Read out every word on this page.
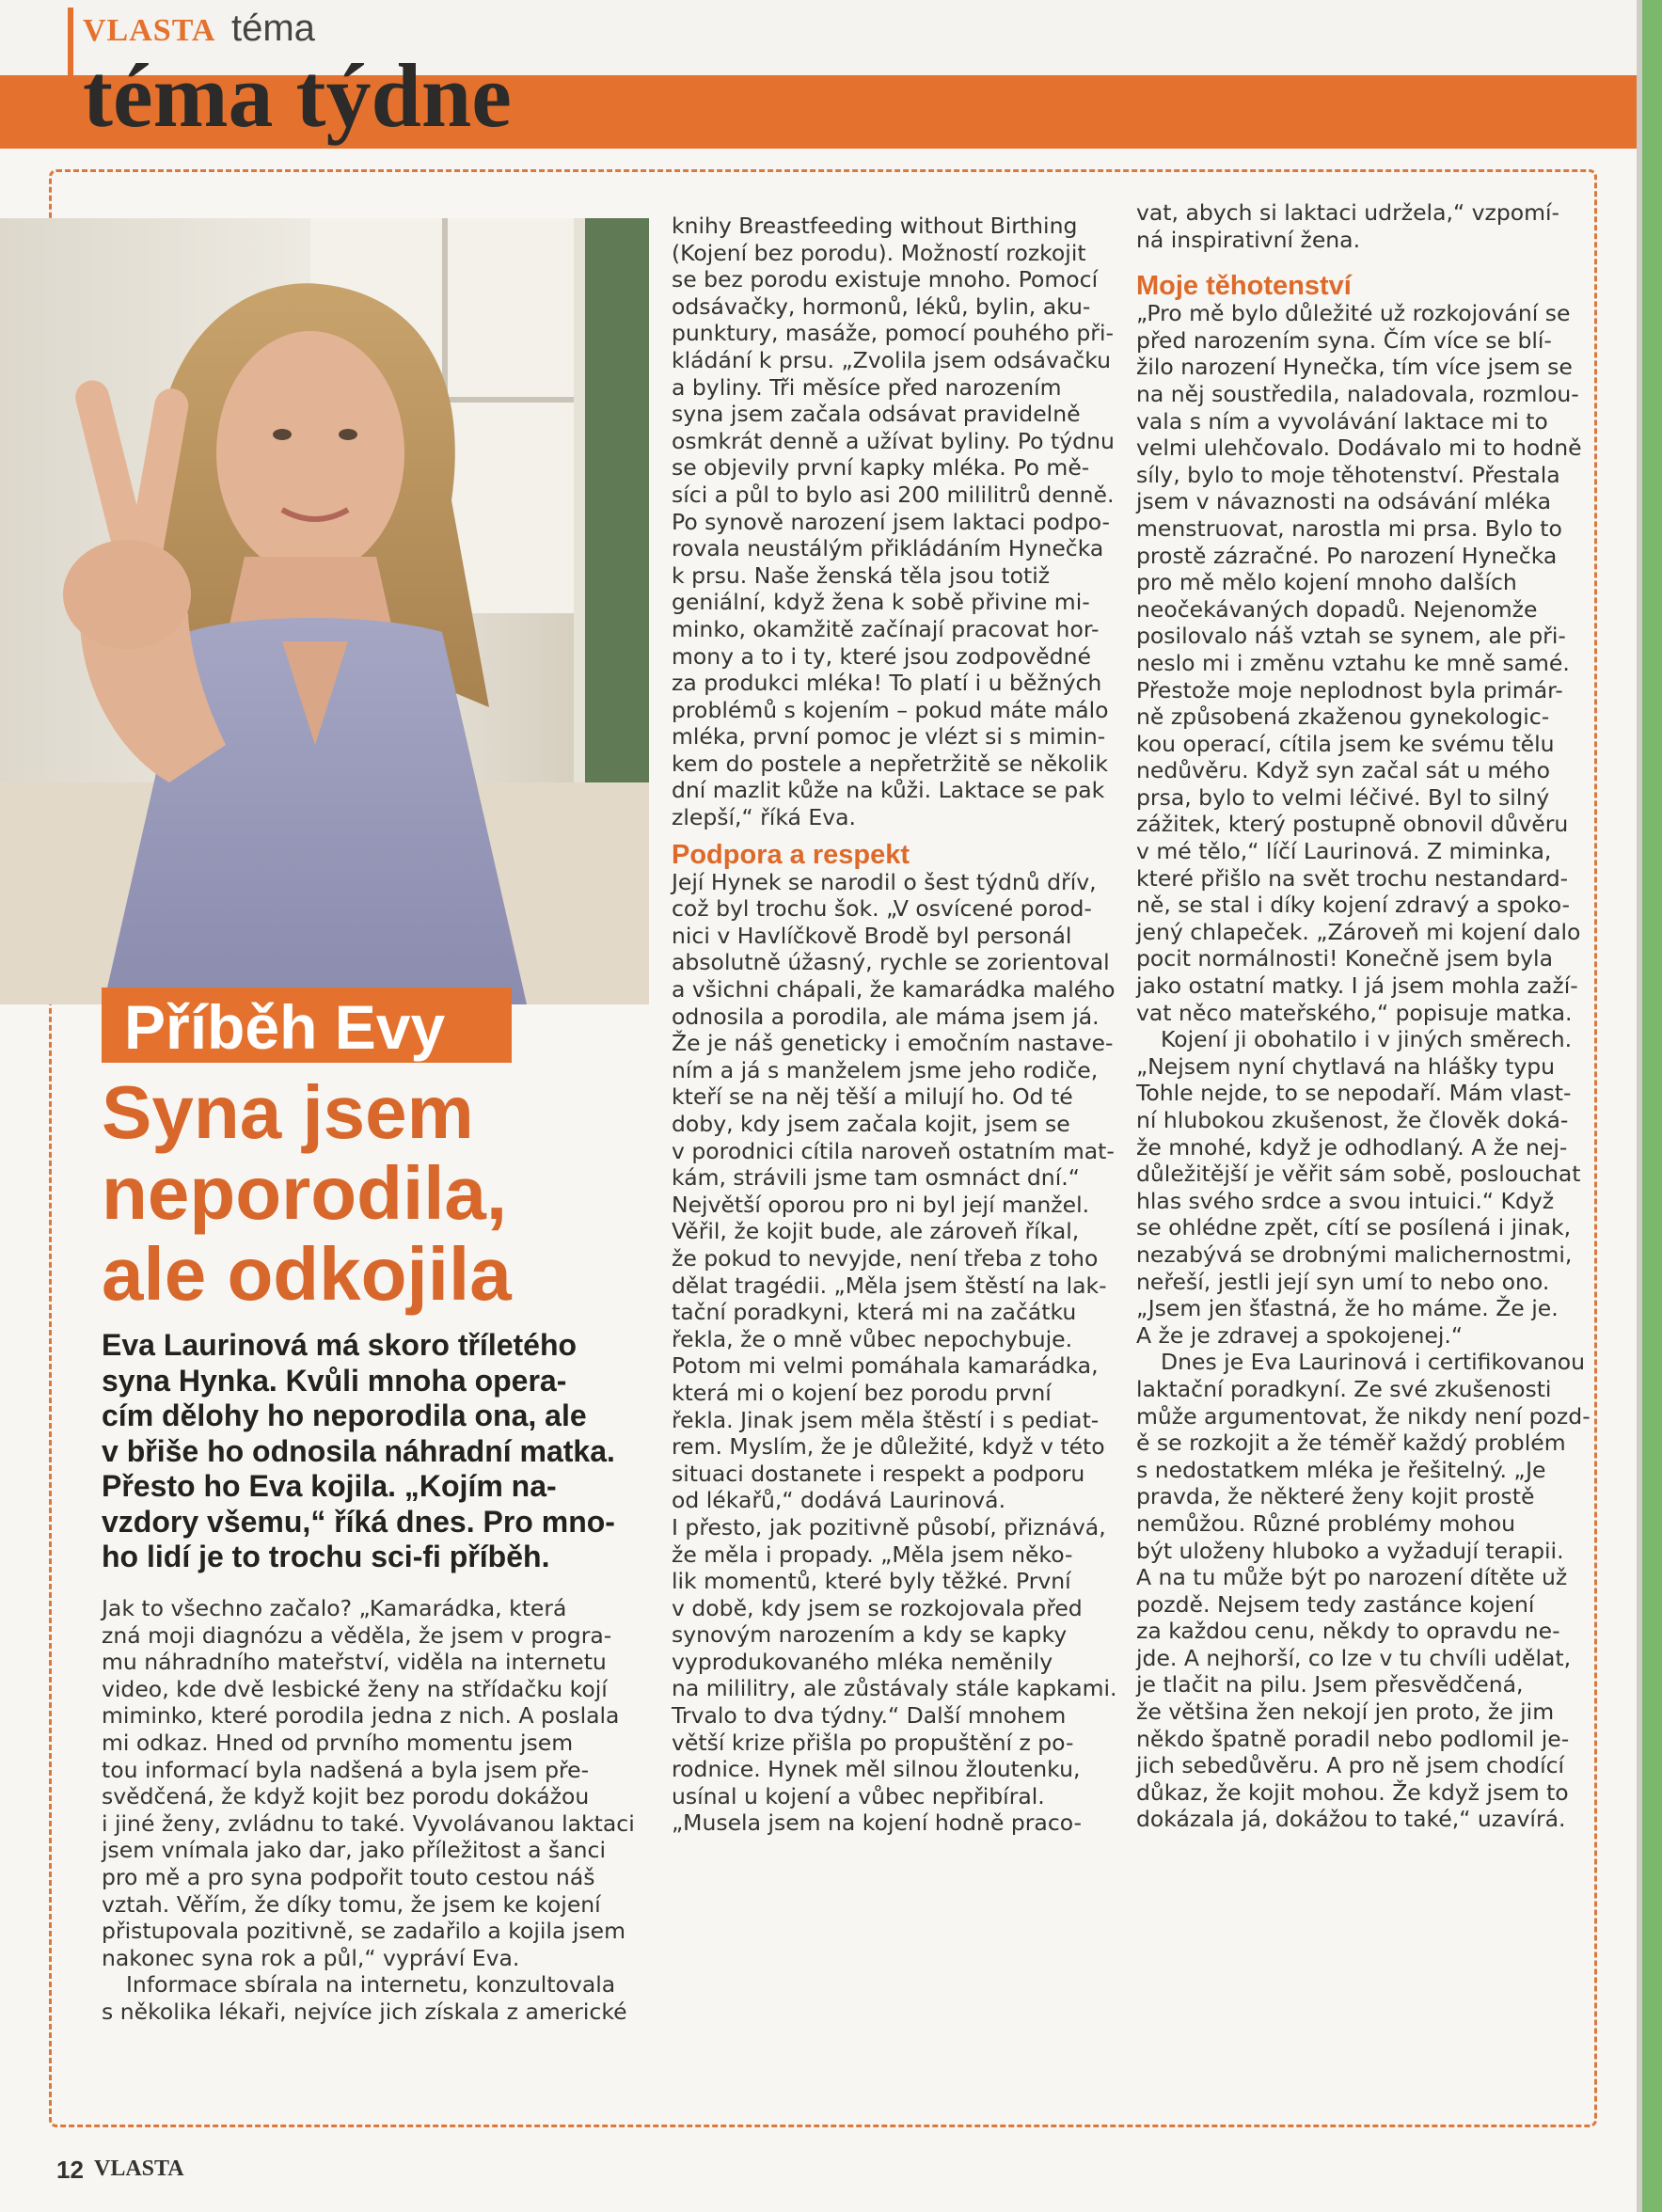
VLASTA téma
téma týdne
Příběh Evy
Syna jsem
neporodila,
ale odkojila
Eva Laurinová má skoro tříletého
syna Hynka. Kvůli mnoha opera-
cím dělohy ho neporodila ona, ale
v břiše ho odnosila náhradní matka.
Přesto ho Eva kojila. „Kojím na-
vzdory všemu,“ říká dnes. Pro mno-
ho lidí je to trochu sci-fi příběh.
Jak to všechno začalo? „Kamarádka, která
zná moji diagnózu a věděla, že jsem v progra-
mu náhradního mateřství, viděla na internetu
video, kde dvě lesbické ženy na střídačku kojí
miminko, které porodila jedna z nich. A poslala
mi odkaz. Hned od prvního momentu jsem
tou informací byla nadšená a byla jsem pře-
svědčená, že když kojit bez porodu dokážou
i jiné ženy, zvládnu to také. Vyvolávanou laktaci
jsem vnímala jako dar, jako příležitost a šanci
pro mě a pro syna podpořit touto cestou náš
vztah. Věřím, že díky tomu, že jsem ke kojení
přistupovala pozitivně, se zadařilo a kojila jsem
nakonec syna rok a půl,“ vypráví Eva.
Informace sbírala na internetu, konzultovala
s několika lékaři, nejvíce jich získala z americké
knihy Breastfeeding without Birthing
(Kojení bez porodu). Možností rozkojit
se bez porodu existuje mnoho. Pomocí
odsávačky, hormonů, léků, bylin, aku-
punktury, masáže, pomocí pouhého při-
kládání k prsu. „Zvolila jsem odsávačku
a byliny. Tři měsíce před narozením
syna jsem začala odsávat pravidelně
osmkrát denně a užívat byliny. Po týdnu
se objevily první kapky mléka. Po mě-
síci a půl to bylo asi 200 mililitrů denně.
Po synově narození jsem laktaci podpo-
rovala neustálým přikládáním Hynečka
k prsu. Naše ženská těla jsou totiž
geniální, když žena k sobě přivine mi-
minko, okamžitě začínají pracovat hor-
mony a to i ty, které jsou zodpovědné
za produkci mléka! To platí i u běžných
problémů s kojením – pokud máte málo
mléka, první pomoc je vlézt si s mimin-
kem do postele a nepřetržitě se několik
dní mazlit kůže na kůži. Laktace se pak
zlepší,“ říká Eva.
Podpora a respekt
Její Hynek se narodil o šest týdnů dřív,
což byl trochu šok. „V osvícené porod-
nici v Havlíčkově Brodě byl personál
absolutně úžasný, rychle se zorientoval
a všichni chápali, že kamarádka malého
odnosila a porodila, ale máma jsem já.
Že je náš geneticky i emočním nastave-
ním a já s manželem jsme jeho rodiče,
kteří se na něj těší a milují ho. Od té
doby, kdy jsem začala kojit, jsem se
v porodnici cítila naroveň ostatním mat-
kám, strávili jsme tam osmnáct dní.“
Největší oporou pro ni byl její manžel.
Věřil, že kojit bude, ale zároveň říkal,
že pokud to nevyjde, není třeba z toho
dělat tragédii. „Měla jsem štěstí na lak-
tační poradkyni, která mi na začátku
řekla, že o mně vůbec nepochybuje.
Potom mi velmi pomáhala kamarádka,
která mi o kojení bez porodu první
řekla. Jinak jsem měla štěstí i s pediat-
rem. Myslím, že je důležité, když v této
situaci dostanete i respekt a podporu
od lékařů,“ dodává Laurinová.
I přesto, jak pozitivně působí, přiznává,
že měla i propady. „Měla jsem něko-
lik momentů, které byly těžké. První
v době, kdy jsem se rozkojovala před
synovým narozením a kdy se kapky
vyprodukovaného mléka neměnily
na mililitry, ale zůstávaly stále kapkami.
Trvalo to dva týdny.“ Další mnohem
větší krize přišla po propuštění z po-
rodnice. Hynek měl silnou žloutenku,
usínal u kojení a vůbec nepřibíral.
„Musela jsem na kojení hodně praco-
vat, abych si laktaci udržela,“ vzpomí-
ná inspirativní žena.
Moje těhotenství
„Pro mě bylo důležité už rozkojování se
před narozením syna. Čím více se blí-
žilo narození Hynečka, tím více jsem se
na něj soustředila, naladovala, rozmlou-
vala s ním a vyvolávání laktace mi to
velmi ulehčovalo. Dodávalo mi to hodně
síly, bylo to moje těhotenství. Přestala
jsem v návaznosti na odsávání mléka
menstruovat, narostla mi prsa. Bylo to
prostě zázračné. Po narození Hynečka
pro mě mělo kojení mnoho dalších
neočekávaných dopadů. Nejenomže
posilovalo náš vztah se synem, ale při-
neslo mi i změnu vztahu ke mně samé.
Přestože moje neplodnost byla primár-
ně způsobená zkaženou gynekologic-
kou operací, cítila jsem ke svému tělu
nedůvěru. Když syn začal sát u mého
prsa, bylo to velmi léčivé. Byl to silný
zážitek, který postupně obnovil důvěru
v mé tělo,“ líčí Laurinová. Z miminka,
které přišlo na svět trochu nestandard-
ně, se stal i díky kojení zdravý a spoko-
jený chlapeček. „Zároveň mi kojení dalo
pocit normálnosti! Konečně jsem byla
jako ostatní matky. I já jsem mohla zaží-
vat něco mateřského,“ popisuje matka.
Kojení ji obohatilo i v jiných směrech.
„Nejsem nyní chytlavá na hlášky typu
Tohle nejde, to se nepodaří. Mám vlast-
ní hlubokou zkušenost, že člověk doká-
že mnohé, když je odhodlaný. A že nej-
důležitější je věřit sám sobě, poslouchat
hlas svého srdce a svou intuici.“ Když
se ohlédne zpět, cítí se posílená i jinak,
nezabývá se drobnými malichernostmi,
neřeší, jestli její syn umí to nebo ono.
„Jsem jen šťastná, že ho máme. Že je.
A že je zdravej a spokojenej.“
Dnes je Eva Laurinová i certifikovanou
laktační poradkyní. Ze své zkušenosti
může argumentovat, že nikdy není pozd-
ě se rozkojit a že téměř každý problém
s nedostatkem mléka je řešitelný. „Je
pravda, že některé ženy kojit prostě
nemůžou. Různé problémy mohou
být uloženy hluboko a vyžadují terapii.
A na tu může být po narození dítěte už
pozdě. Nejsem tedy zastánce kojení
za každou cenu, někdy to opravdu ne-
jde. A nejhorší, co lze v tu chvíli udělat,
je tlačit na pilu. Jsem přesvědčená,
že většina žen nekojí jen proto, že jim
někdo špatně poradil nebo podlomil je-
jich sebedůvěru. A pro ně jsem chodící
důkaz, že kojit mohou. Že když jsem to
dokázala já, dokážou to také,“ uzavírá.
12 VLASTA
